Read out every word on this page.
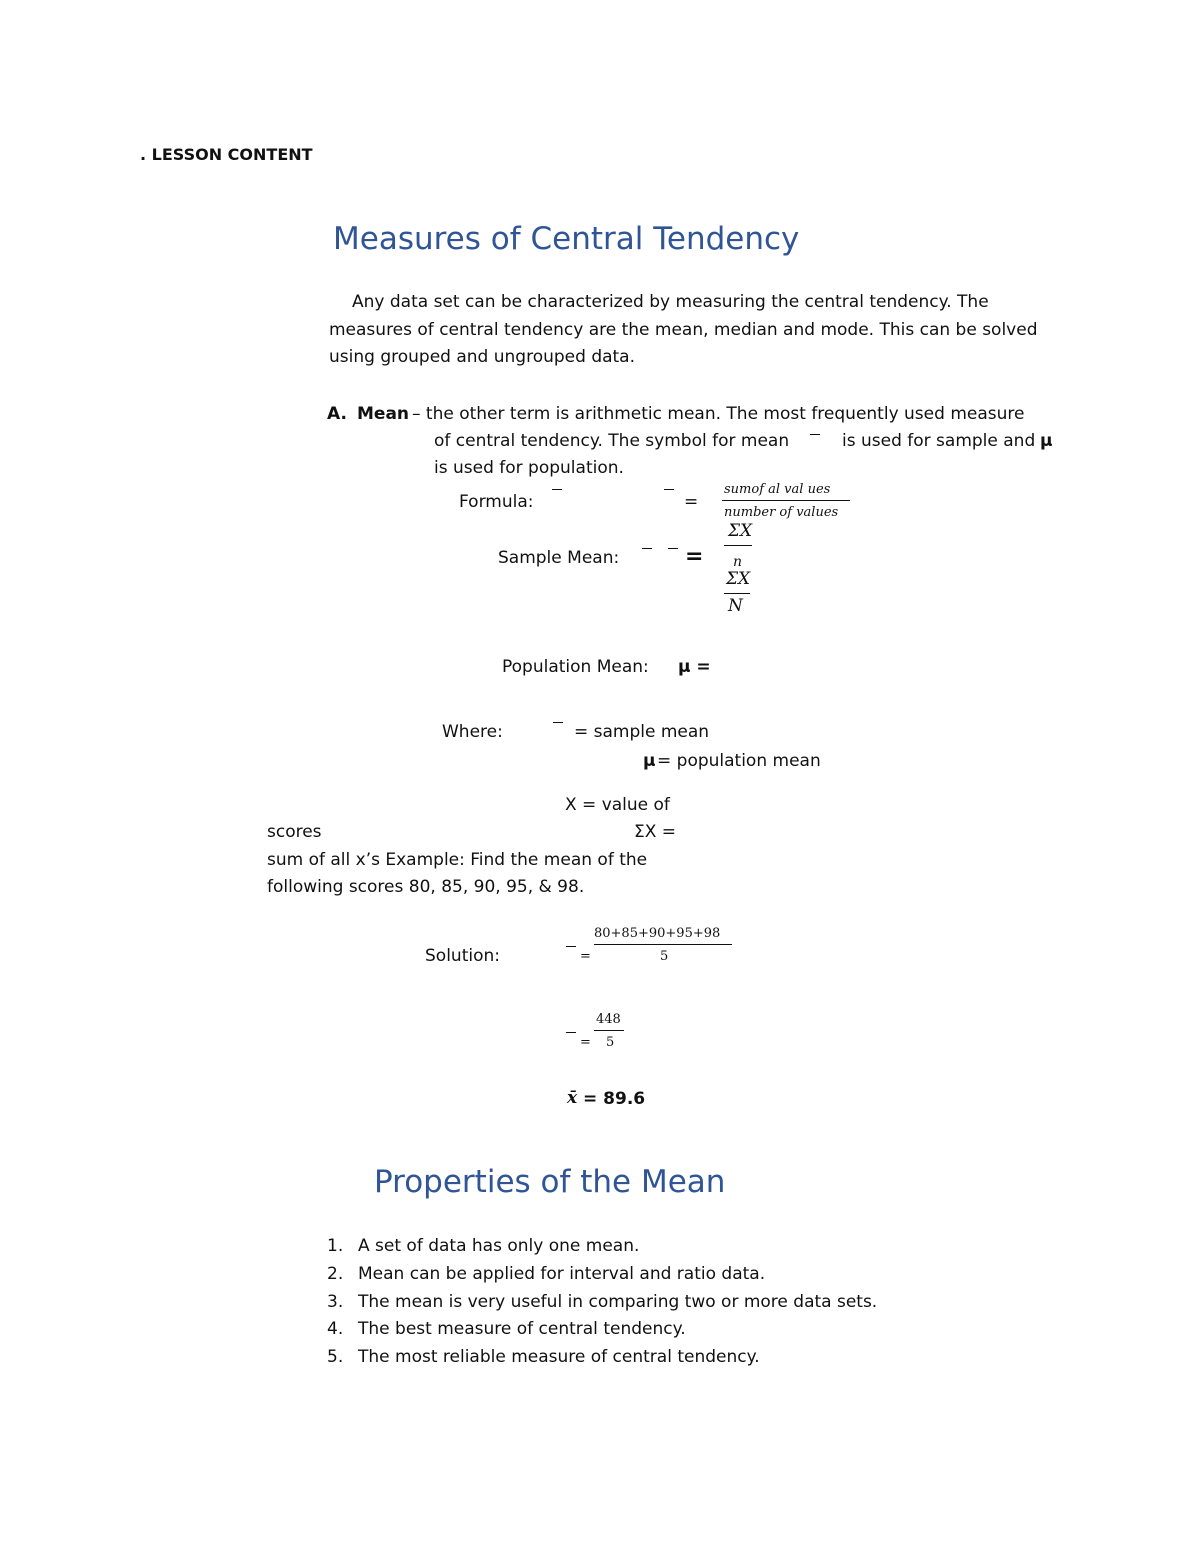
. LESSON CONTENT
Measures of Central Tendency
Any data set can be characterized by measuring the central tendency. The
measures of central tendency are the mean, median and mode. This can be solved
using grouped and ungrouped data.
A. Mean – the other term is arithmetic mean. The most frequently used measure
of central tendency. The symbol for mean	is used for sample and μ
is used for population.
Formula:	=
sumof al val ues
number of values
ΣX
Sample Mean:	= n
ΣX
N
Population Mean: μ =
Where:	= sample mean
μ = population mean
X = value of
scores	ΣX =
sum of all x’s Example: Find the mean of the
following scores 80, 85, 90, 95, & 98.
80+85+90+95+98
Solution:	=	5
448
= 5
x̄ = 89.6
Properties of the Mean
1. A set of data has only one mean.
2. Mean can be applied for interval and ratio data.
3. The mean is very useful in comparing two or more data sets.
4. The best measure of central tendency.
5. The most reliable measure of central tendency.
